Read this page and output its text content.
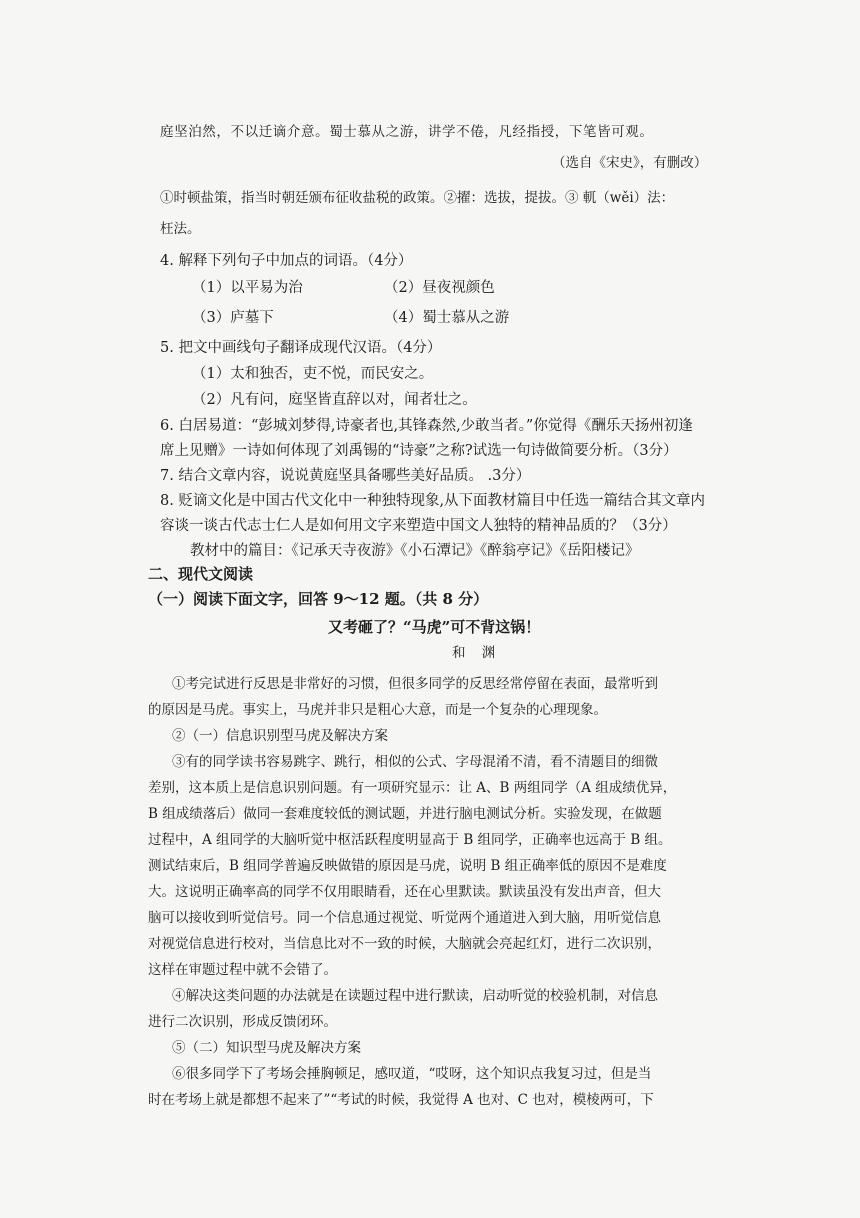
庭坚泊然，不以迁谪介意。蜀士慕从之游，讲学不倦，凡经指授，下笔皆可观。
（选自《宋史》，有删改）
①时顿盐策，指当时朝廷颁布征收盐税的政策。②擢：选拔，提拔。③ 軏（wěi）法：
枉法。
4. 解释下列句子中加点的词语。（4分）
（1）以平易为治	（2）昼夜视颜色
（3）庐墓下	（4）蜀士慕从之游
5. 把文中画线句子翻译成现代汉语。（4分）
（1）太和独否，吏不悦，而民安之。
（2）凡有问，庭坚皆直辞以对，闻者壮之。
6. 白居易道：“彭城刘梦得,诗豪者也,其锋森然,少敢当者。”你觉得《酬乐天扬州初逢
席上见赠》一诗如何体现了刘禹锡的“诗豪”之称?试选一句诗做简要分析。（3分）
7. 结合文章内容，说说黄庭坚具备哪些美好品质。 .3分）
8. 贬谪文化是中国古代文化中一种独特现象,从下面教材篇目中任选一篇结合其文章内
容谈一谈古代志士仁人是如何用文字来塑造中国文人独特的精神品质的？（3分）
教材中的篇目：《记承天寺夜游》《小石潭记》《醉翁亭记》《岳阳楼记》
二、现代文阅读
（一）阅读下面文字，回答 9～12 题。（共 8 分）
又考砸了？“马虎”可不背这锅！
和 渊
①考完试进行反思是非常好的习惯，但很多同学的反思经常停留在表面，最常听到
的原因是马虎。事实上，马虎并非只是粗心大意，而是一个复杂的心理现象。
②（一）信息识别型马虎及解决方案
③有的同学读书容易跳字、跳行，相似的公式、字母混淆不清，看不清题目的细微
差别，这本质上是信息识别问题。有一项研究显示：让 A、B 两组同学（A 组成绩优异，
B 组成绩落后）做同一套难度较低的测试题，并进行脑电测试分析。实验发现，在做题
过程中，A 组同学的大脑听觉中枢活跃程度明显高于 B 组同学，正确率也远高于 B 组。
测试结束后，B 组同学普遍反映做错的原因是马虎，说明 B 组正确率低的原因不是难度
大。这说明正确率高的同学不仅用眼睛看，还在心里默读。默读虽没有发出声音，但大
脑可以接收到听觉信号。同一个信息通过视觉、听觉两个通道进入到大脑，用听觉信息
对视觉信息进行校对，当信息比对不一致的时候，大脑就会亮起红灯，进行二次识别，
这样在审题过程中就不会错了。
④解决这类问题的办法就是在读题过程中进行默读，启动听觉的校验机制，对信息
进行二次识别，形成反馈闭环。
⑤（二）知识型马虎及解决方案
⑥很多同学下了考场会捶胸顿足，感叹道，“哎呀，这个知识点我复习过，但是当
时在考场上就是都想不起来了”“考试的时候，我觉得 A 也对、C 也对，模棱两可，下
